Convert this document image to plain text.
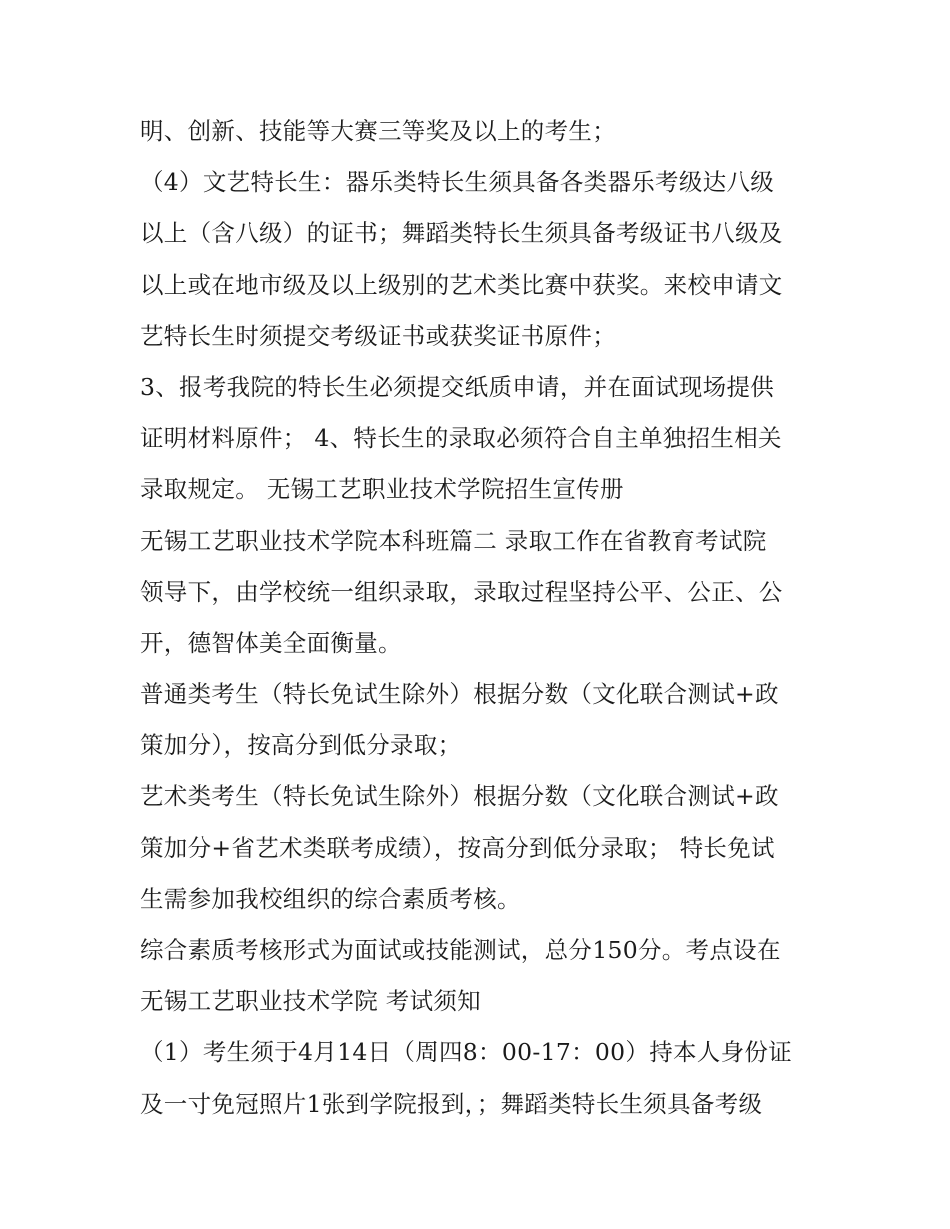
明、创新、技能等大赛三等奖及以上的考生；
（4）文艺特长生：器乐类特长生须具备各类器乐考级达八级
以上（含八级）的证书；舞蹈类特长生须具备考级证书八级及
以上或在地市级及以上级别的艺术类比赛中获奖。来校申请文
艺特长生时须提交考级证书或获奖证书原件；
3、报考我院的特长生必须提交纸质申请，并在面试现场提供
证明材料原件； 4、特长生的录取必须符合自主单独招生相关
录取规定。 无锡工艺职业技术学院招生宣传册
无锡工艺职业技术学院本科班篇二 录取工作在省教育考试院
领导下，由学校统一组织录取，录取过程坚持公平、公正、公
开，德智体美全面衡量。
普通类考生（特长免试生除外）根据分数（文化联合测试+政
策加分），按高分到低分录取；
艺术类考生（特长免试生除外）根据分数（文化联合测试+政
策加分+省艺术类联考成绩），按高分到低分录取； 特长免试
生需参加我校组织的综合素质考核。
综合素质考核形式为面试或技能测试，总分150分。考点设在
无锡工艺职业技术学院 考试须知
（1）考生须于4月14日（周四8：00-17：00）持本人身份证
及一寸免冠照片1张到学院报到，；舞蹈类特长生须具备考级
